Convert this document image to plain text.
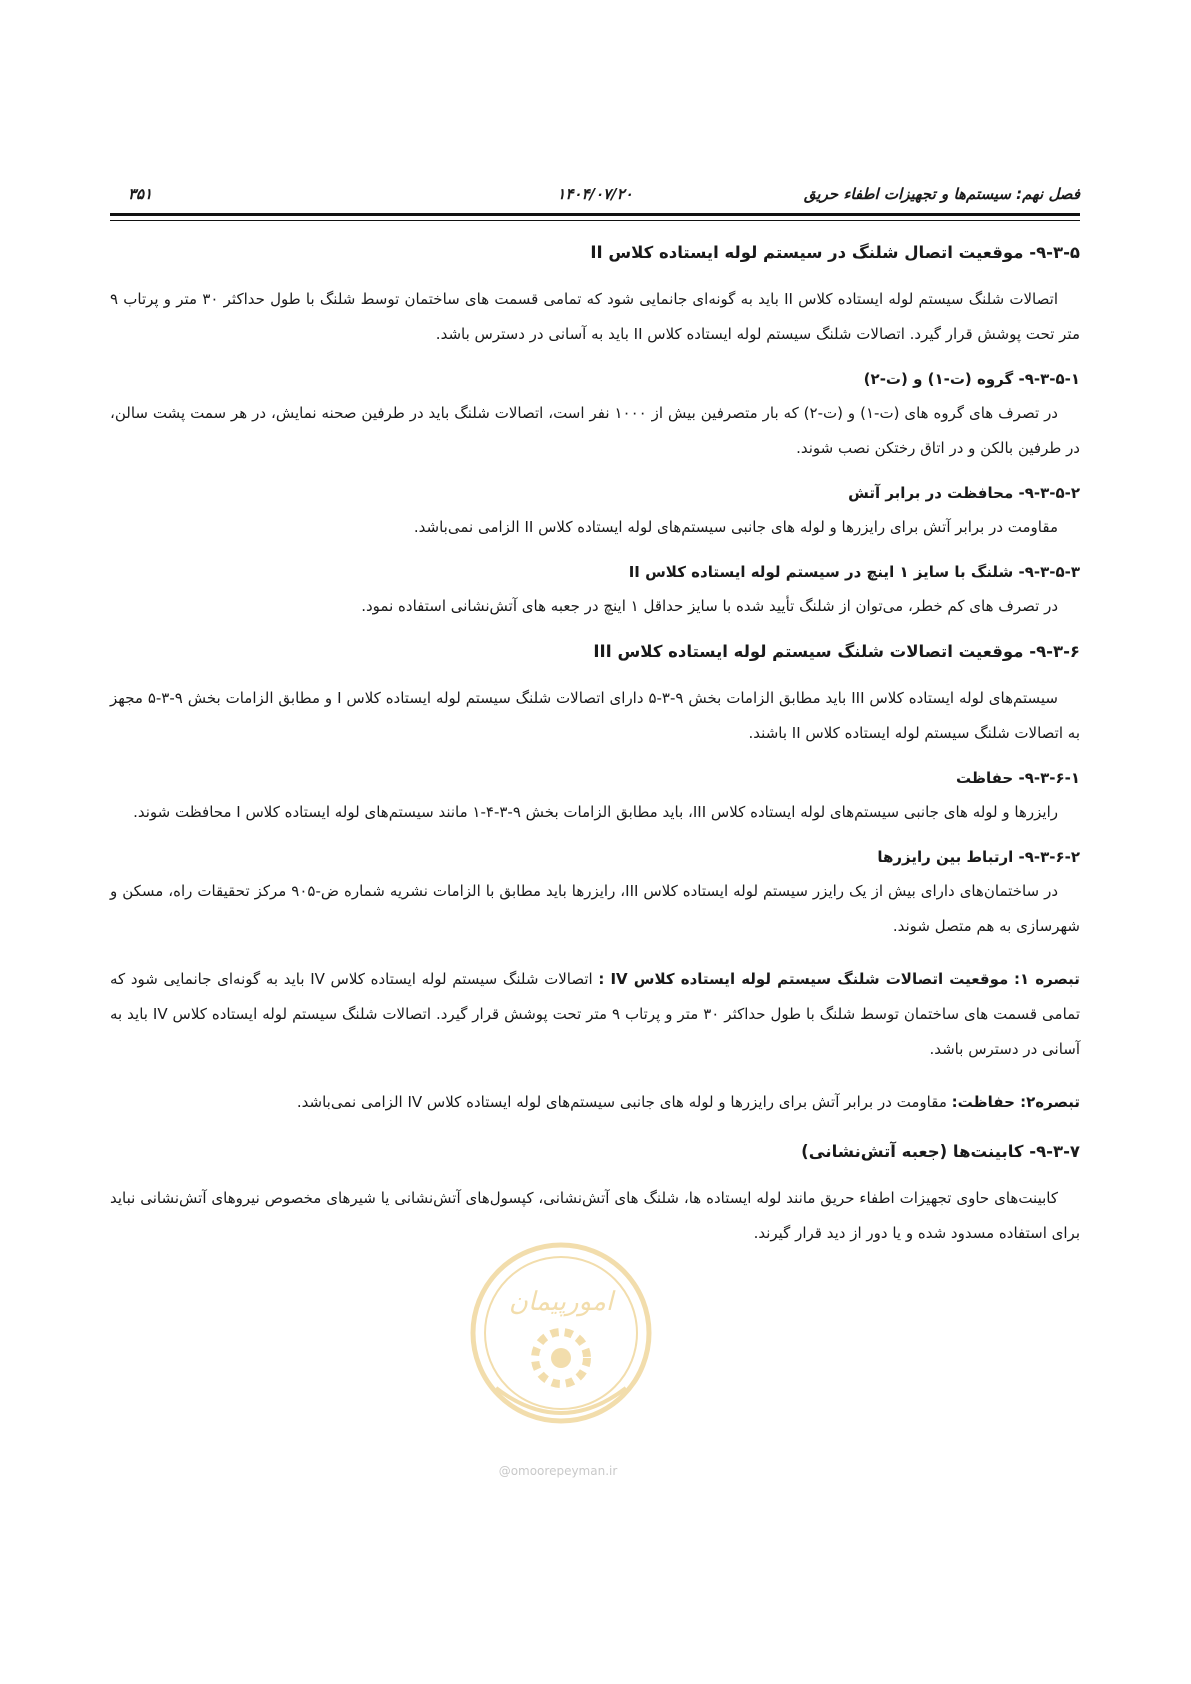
فصل نهم: سیستم‌ها و تجهیزات اطفاء حریق
۱۴۰۴/۰۷/۲۰
۳۵۱
۹-۳-۵- موقعیت اتصال شلنگ در سیستم لوله ایستاده کلاس II

اتصالات شلنگ سیستم لوله ایستاده کلاس II باید به گونه‌ای جانمایی شود که تمامی قسمت های ساختمان توسط شلنگ با طول حداکثر ۳۰ متر و پرتاب ۹ متر تحت پوشش قرار گیرد. اتصالات شلنگ سیستم لوله ایستاده کلاس II باید به آسانی در دسترس باشد.

۹-۳-۵-۱- گروه (ت-۱) و (ت-۲)

در تصرف های گروه های (ت-۱) و (ت-۲) که بار متصرفین بیش از ۱۰۰۰ نفر است، اتصالات شلنگ باید در طرفین صحنه نمایش، در هر سمت پشت سالن، در طرفین بالکن و در اتاق رختکن نصب شوند.

۹-۳-۵-۲- محافظت در برابر آتش

مقاومت در برابر آتش برای رایزرها و لوله های جانبی سیستم‌های لوله ایستاده کلاس II الزامی نمی‌باشد.

۹-۳-۵-۳- شلنگ با سایز ۱ اینچ در سیستم لوله ایستاده کلاس II

در تصرف های کم خطر، می‌توان از شلنگ تأیید شده با سایز حداقل ۱ اینچ در جعبه های آتش‌نشانی استفاده نمود.

۹-۳-۶- موقعیت اتصالات شلنگ سیستم لوله ایستاده کلاس III

سیستم‌های لوله ایستاده کلاس III باید مطابق الزامات بخش ۹-۳-۵ دارای اتصالات شلنگ سیستم لوله ایستاده کلاس I و مطابق الزامات بخش ۹-۳-۵ مجهز به اتصالات شلنگ سیستم لوله ایستاده کلاس II باشند.

۹-۳-۶-۱- حفاظت

رایزرها و لوله های جانبی سیستم‌های لوله ایستاده کلاس III، باید مطابق الزامات بخش ۹-۳-۴-۱ مانند سیستم‌های لوله ایستاده کلاس I محافظت شوند.

۹-۳-۶-۲- ارتباط بین رایزرها

در ساختمان‌های دارای بیش از یک رایزر سیستم لوله ایستاده کلاس III، رایزرها باید مطابق با الزامات نشریه شماره ض-۹۰۵ مرکز تحقیقات راه، مسکن و شهرسازی به هم متصل شوند.

تبصره ۱: موقعیت اتصالات شلنگ سیستم لوله ایستاده کلاس IV : اتصالات شلنگ سیستم لوله ایستاده کلاس IV باید به گونه‌ای جانمایی شود که تمامی قسمت های ساختمان توسط شلنگ با طول حداکثر ۳۰ متر و پرتاب ۹ متر تحت پوشش قرار گیرد. اتصالات شلنگ سیستم لوله ایستاده کلاس IV باید به آسانی در دسترس باشد.

تبصره۲: حفاظت: مقاومت در برابر آتش برای رایزرها و لوله های جانبی سیستم‌های لوله ایستاده کلاس IV الزامی نمی‌باشد.

۹-۳-۷- کابینت‌ها (جعبه آتش‌نشانی)

کابینت‌های حاوی تجهیزات اطفاء حریق مانند لوله ایستاده ها، شلنگ های آتش‌نشانی، کپسول‌های آتش‌نشانی یا شیرهای مخصوص نیروهای آتش‌نشانی نباید برای استفاده مسدود شده و یا دور از دید قرار گیرند.

امورپیمان
@omoorepeyman.ir
